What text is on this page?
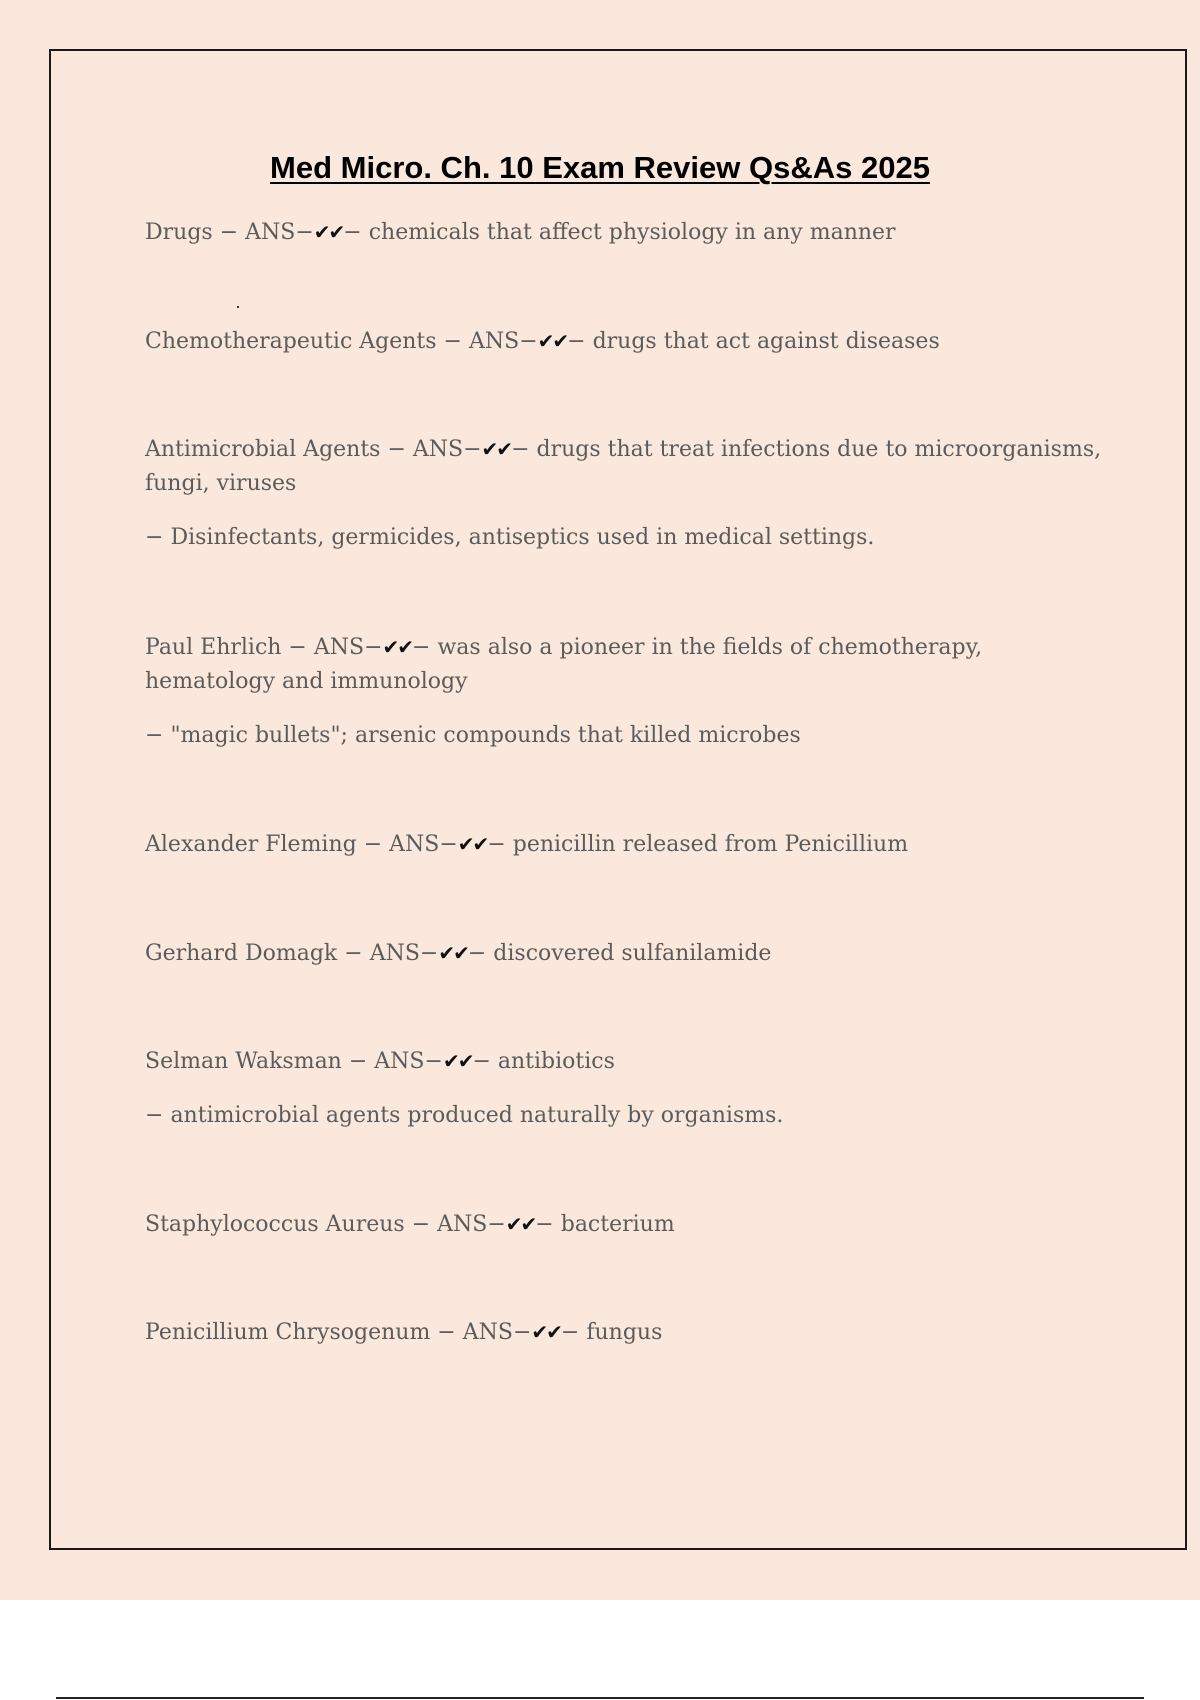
Med Micro. Ch. 10 Exam Review Qs&As 2025
Drugs − ANS−✔✔− chemicals that affect physiology in any manner
Chemotherapeutic Agents − ANS−✔✔− drugs that act against diseases
Antimicrobial Agents − ANS−✔✔− drugs that treat infections due to microorganisms,
fungi, viruses
− Disinfectants, germicides, antiseptics used in medical settings.
Paul Ehrlich − ANS−✔✔− was also a pioneer in the fields of chemotherapy,
hematology and immunology
− "magic bullets"; arsenic compounds that killed microbes
Alexander Fleming − ANS−✔✔− penicillin released from Penicillium
Gerhard Domagk − ANS−✔✔− discovered sulfanilamide
Selman Waksman − ANS−✔✔− antibiotics
− antimicrobial agents produced naturally by organisms.
Staphylococcus Aureus − ANS−✔✔− bacterium
Penicillium Chrysogenum − ANS−✔✔− fungus
